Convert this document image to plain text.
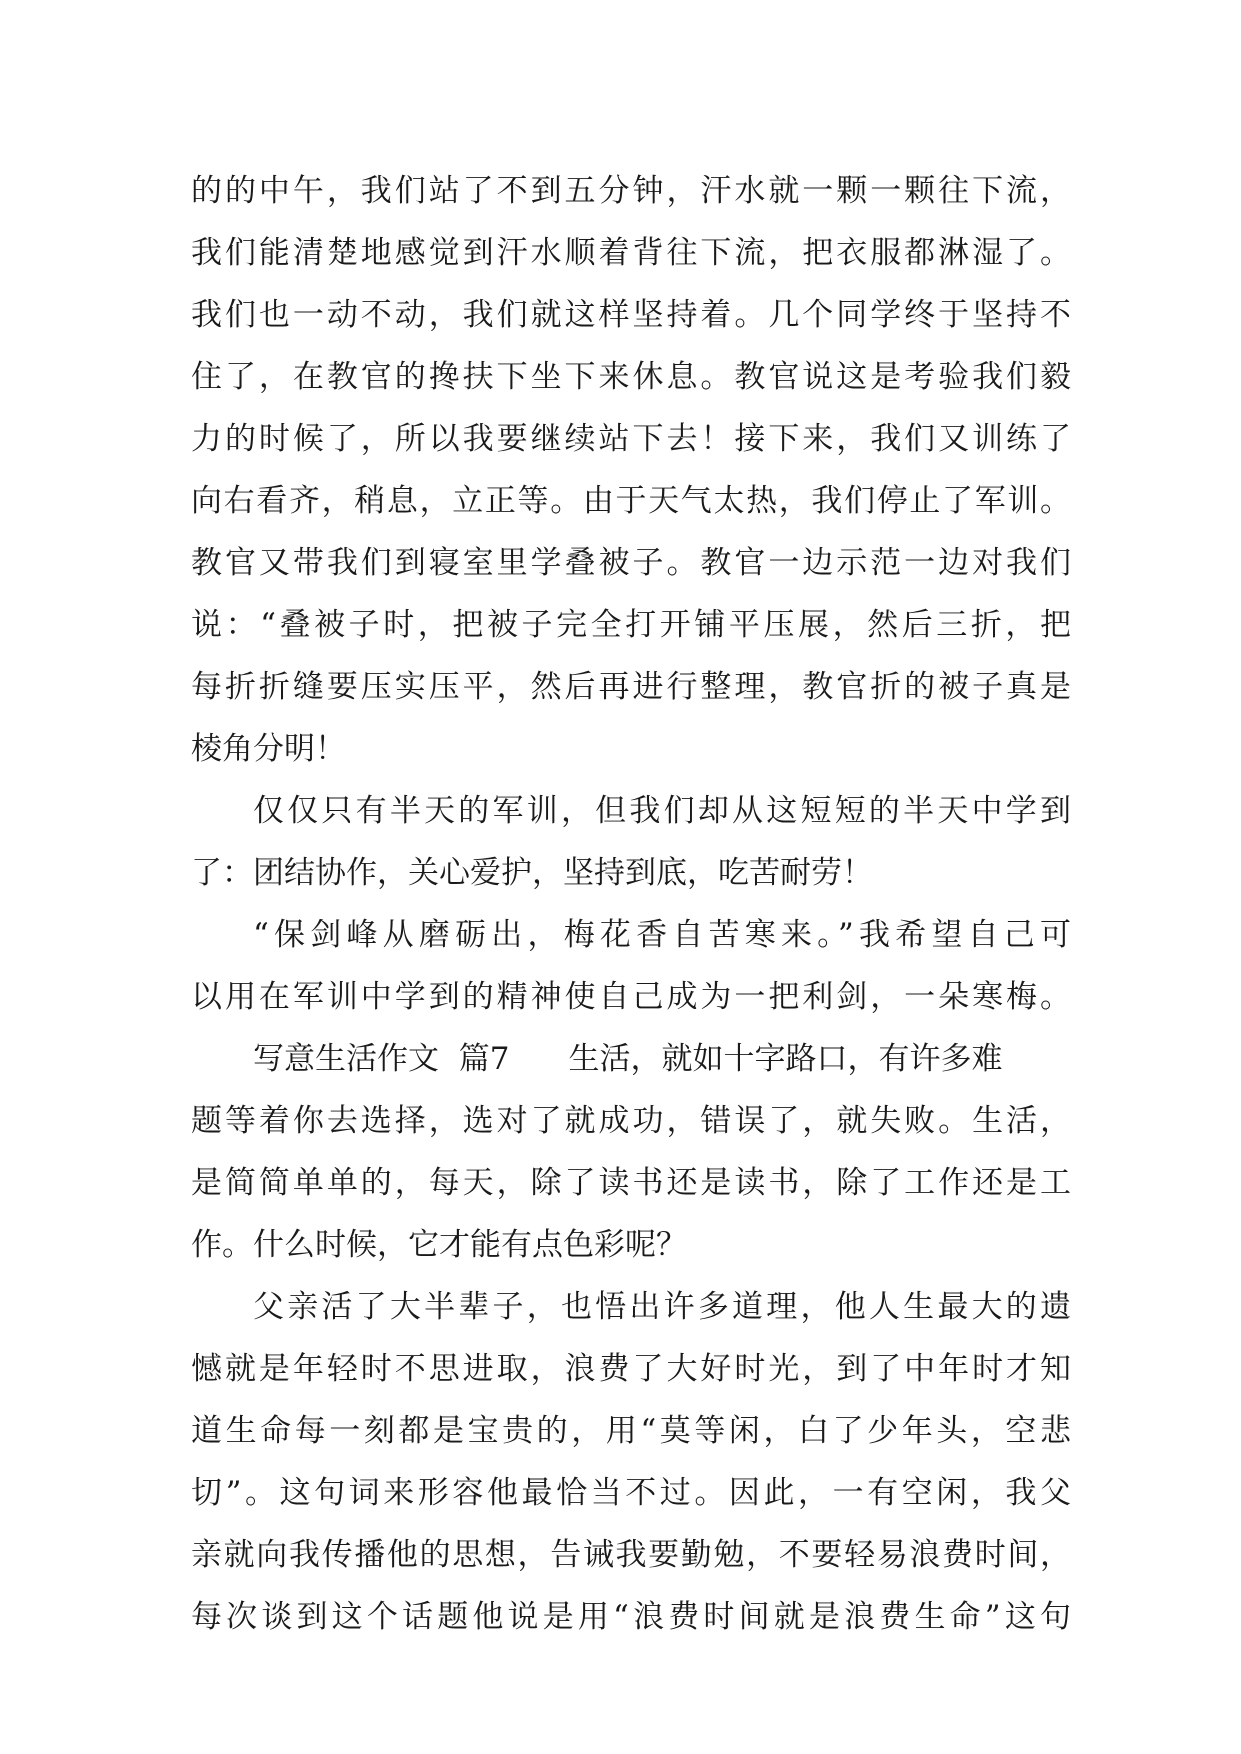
的的中午，我们站了不到五分钟，汗水就一颗一颗往下流，
我们能清楚地感觉到汗水顺着背往下流，把衣服都淋湿了。
我们也一动不动，我们就这样坚持着。几个同学终于坚持不
住了，在教官的搀扶下坐下来休息。教官说这是考验我们毅
力的时候了，所以我要继续站下去！接下来，我们又训练了
向右看齐，稍息，立正等。由于天气太热，我们停止了军训。
教官又带我们到寝室里学叠被子。教官一边示范一边对我们
说：“叠被子时，把被子完全打开铺平压展，然后三折，把
每折折缝要压实压平，然后再进行整理，教官折的被子真是
棱角分明！
仅仅只有半天的军训，但我们却从这短短的半天中学到
了：团结协作，关心爱护，坚持到底，吃苦耐劳！
“保剑峰从磨砺出，梅花香自苦寒来。”我希望自己可
以用在军训中学到的精神使自己成为一把利剑，一朵寒梅。
写意生活作文  篇7      生活，就如十字路口，有许多难
题等着你去选择，选对了就成功，错误了，就失败。生活，
是简简单单的，每天，除了读书还是读书，除了工作还是工
作。什么时候，它才能有点色彩呢？
父亲活了大半辈子，也悟出许多道理，他人生最大的遗
憾就是年轻时不思进取，浪费了大好时光，到了中年时才知
道生命每一刻都是宝贵的，用“莫等闲，白了少年头，空悲
切”。这句词来形容他最恰当不过。因此，一有空闲，我父
亲就向我传播他的思想，告诫我要勤勉，不要轻易浪费时间，
每次谈到这个话题他说是用“浪费时间就是浪费生命”这句
